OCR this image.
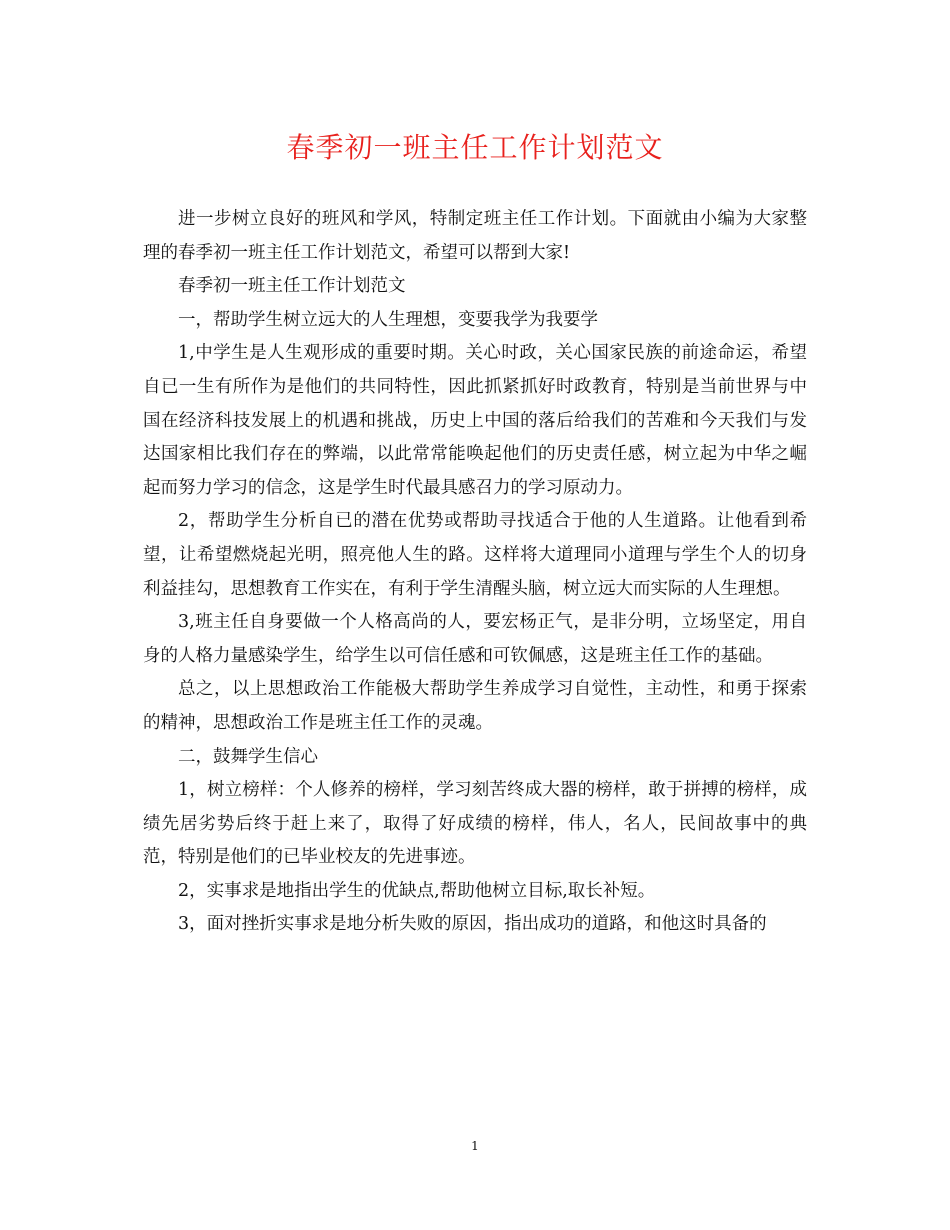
春季初一班主任工作计划范文

进一步树立良好的班风和学风，特制定班主任工作计划。下面就由小编为大家整理的春季初一班主任工作计划范文，希望可以帮到大家!

春季初一班主任工作计划范文

一，帮助学生树立远大的人生理想，变要我学为我要学

1,中学生是人生观形成的重要时期。关心时政，关心国家民族的前途命运，希望自已一生有所作为是他们的共同特性，因此抓紧抓好时政教育，特别是当前世界与中国在经济科技发展上的机遇和挑战，历史上中国的落后给我们的苦难和今天我们与发达国家相比我们存在的弊端，以此常常能唤起他们的历史责任感，树立起为中华之崛起而努力学习的信念，这是学生时代最具感召力的学习原动力。

2，帮助学生分析自已的潜在优势或帮助寻找适合于他的人生道路。让他看到希望，让希望燃烧起光明，照亮他人生的路。这样将大道理同小道理与学生个人的切身利益挂勾，思想教育工作实在，有利于学生清醒头脑，树立远大而实际的人生理想。

3,班主任自身要做一个人格高尚的人，要宏杨正气，是非分明，立场坚定，用自身的人格力量感染学生，给学生以可信任感和可钦佩感，这是班主任工作的基础。

总之，以上思想政治工作能极大帮助学生养成学习自觉性，主动性，和勇于探索的精神，思想政治工作是班主任工作的灵魂。

二，鼓舞学生信心

1，树立榜样：个人修养的榜样，学习刻苦终成大器的榜样，敢于拼搏的榜样，成绩先居劣势后终于赶上来了，取得了好成绩的榜样，伟人，名人，民间故事中的典范，特别是他们的已毕业校友的先进事迹。

2，实事求是地指出学生的优缺点,帮助他树立目标,取长补短。

3，面对挫折实事求是地分析失败的原因，指出成功的道路，和他这时具备的

1
